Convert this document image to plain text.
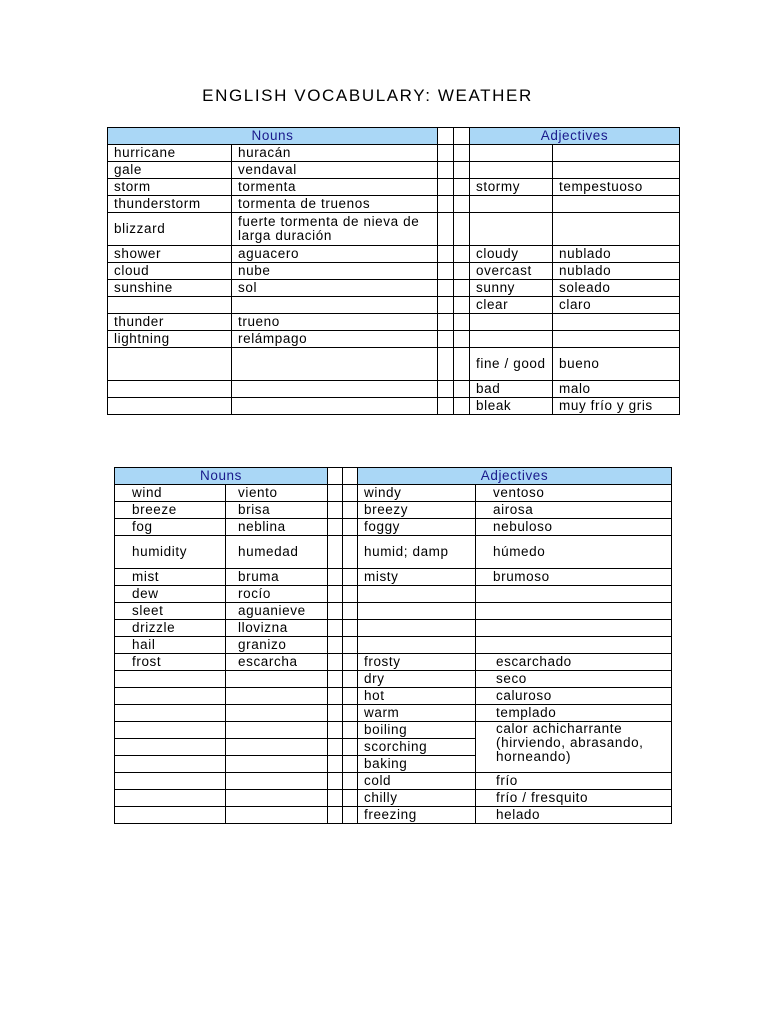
ENGLISH VOCABULARY: WEATHER
Nouns				Adjectives	
hurricane	huracán				
gale	vendaval				
storm	tormenta			stormy	tempestuoso
thunderstorm	tormenta de truenos				
blizzard	fuerte tormenta de nieva de larga duración				
shower	aguacero			cloudy	nublado
cloud	nube			overcast	nublado
sunshine	sol			sunny	soleado
				clear	claro
thunder	trueno				
lightning	relámpago				
				fine / good	bueno
				bad	malo
				bleak	muy frío y gris
Nouns				Adjectives	
wind	viento			windy	ventoso
breeze	brisa			breezy	airosa
fog	neblina			foggy	nebuloso
humidity	humedad			humid; damp	húmedo
mist	bruma			misty	brumoso
dew	rocío				
sleet	aguanieve				
drizzle	llovizna				
hail	granizo				
frost	escarcha			frosty	escarchado
				dry	seco
				hot	caluroso
				warm	templado
				boiling	calor achicharrante (hirviendo, abrasando, horneando)
				scorching	
				baking	
				cold	frío
				chilly	frío / fresquito
				freezing	helado
